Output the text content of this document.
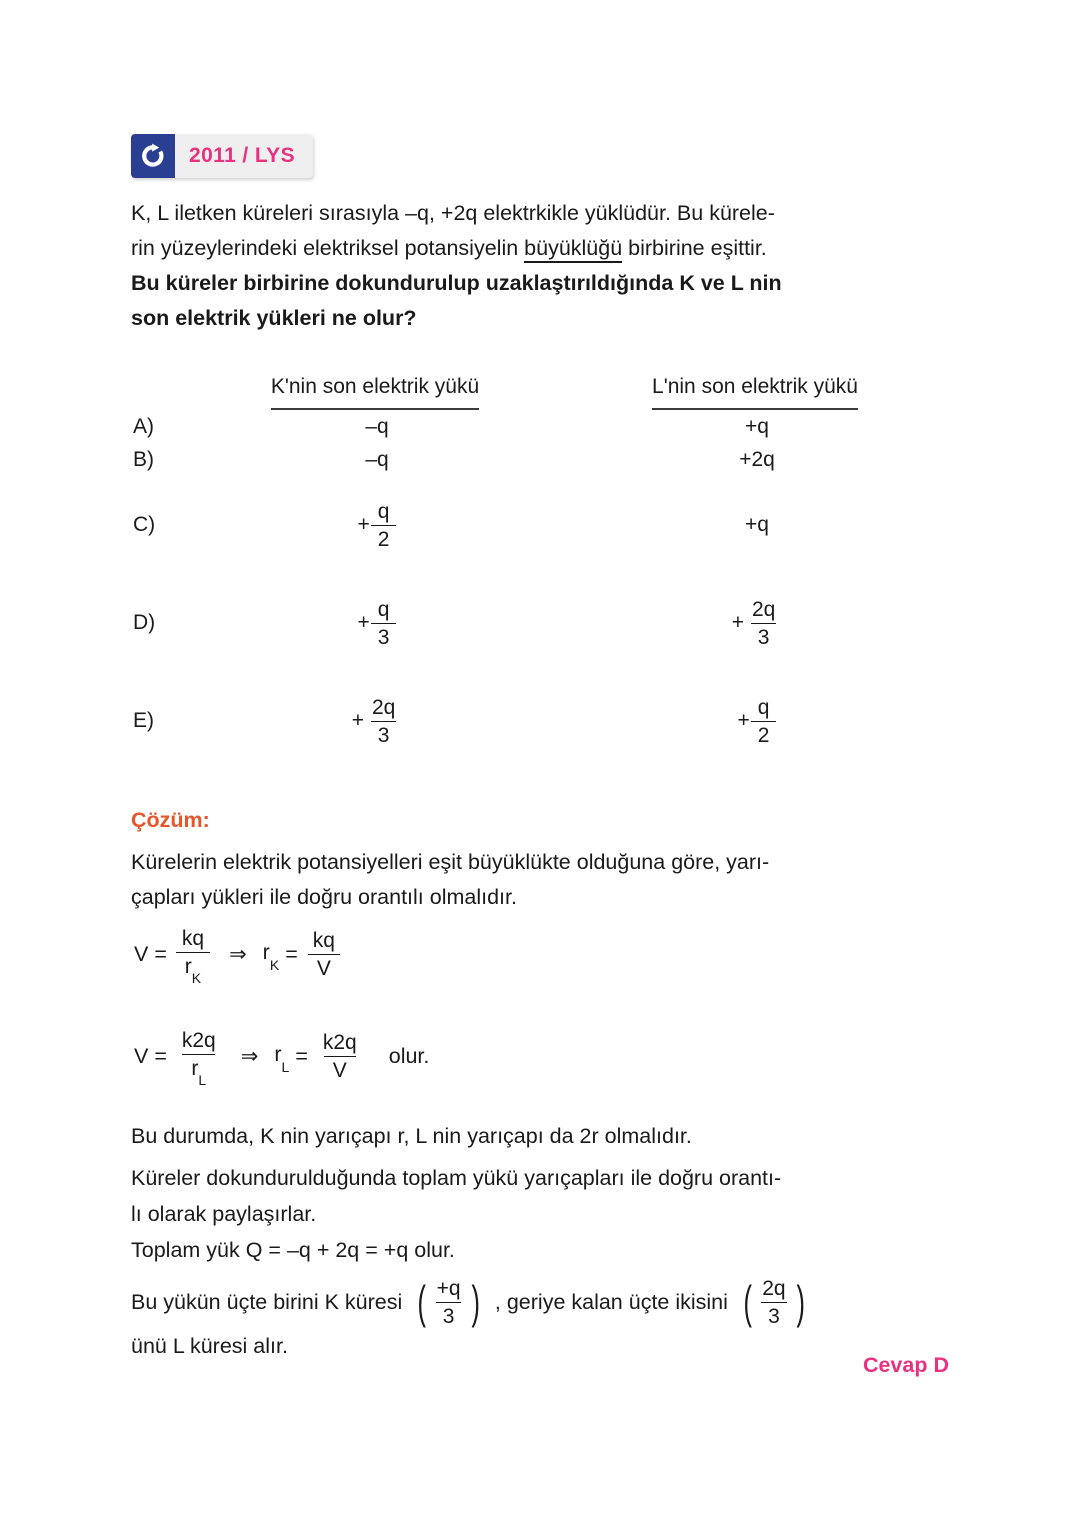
2011 / LYS
K, L iletken küreleri sırasıyla –q, +2q elektrkikle yüklüdür. Bu kürele-
rin yüzeylerindeki elektriksel potansiyelin büyüklüğü birbirine eşittir.
Bu küreler birbirine dokundurulup uzaklaştırıldığında K ve L nin
son elektrik yükleri ne olur?
K'nin son elektrik yükü	L'nin son elektrik yükü
A)	–q	+q
B)	–q	+2q
C)	+ $\frac{q}{2}$	+q
D)	+ $\frac{q}{3}$	+ $\frac{2q}{3}$
E)	+ $\frac{2q}{3}$	+ $\frac{q}{2}$
Çözüm:
Kürelerin elektrik potansiyelleri eşit büyüklükte olduğuna göre, yarı-
çapları yükleri ile doğru orantılı olmalıdır.
$V = \frac{kq}{r_K}$ ⇒ $r_K = \frac{kq}{V}$
$V = \frac{k2q}{r_L}$ ⇒ $r_L = \frac{k2q}{V}$ olur.
Bu durumda, K nin yarıçapı r, L nin yarıçapı da 2r olmalıdır.
Küreler dokundurulduğunda toplam yükü yarıçapları ile doğru orantı-
lı olarak paylaşırlar.
Toplam yük Q = –q + 2q = +q olur.
Bu yükün üçte birini K küresi ( $\frac{+q}{3}$ ) , geriye kalan üçte ikisini ( $\frac{2q}{3}$ )
ünü L küresi alır.
Cevap D
